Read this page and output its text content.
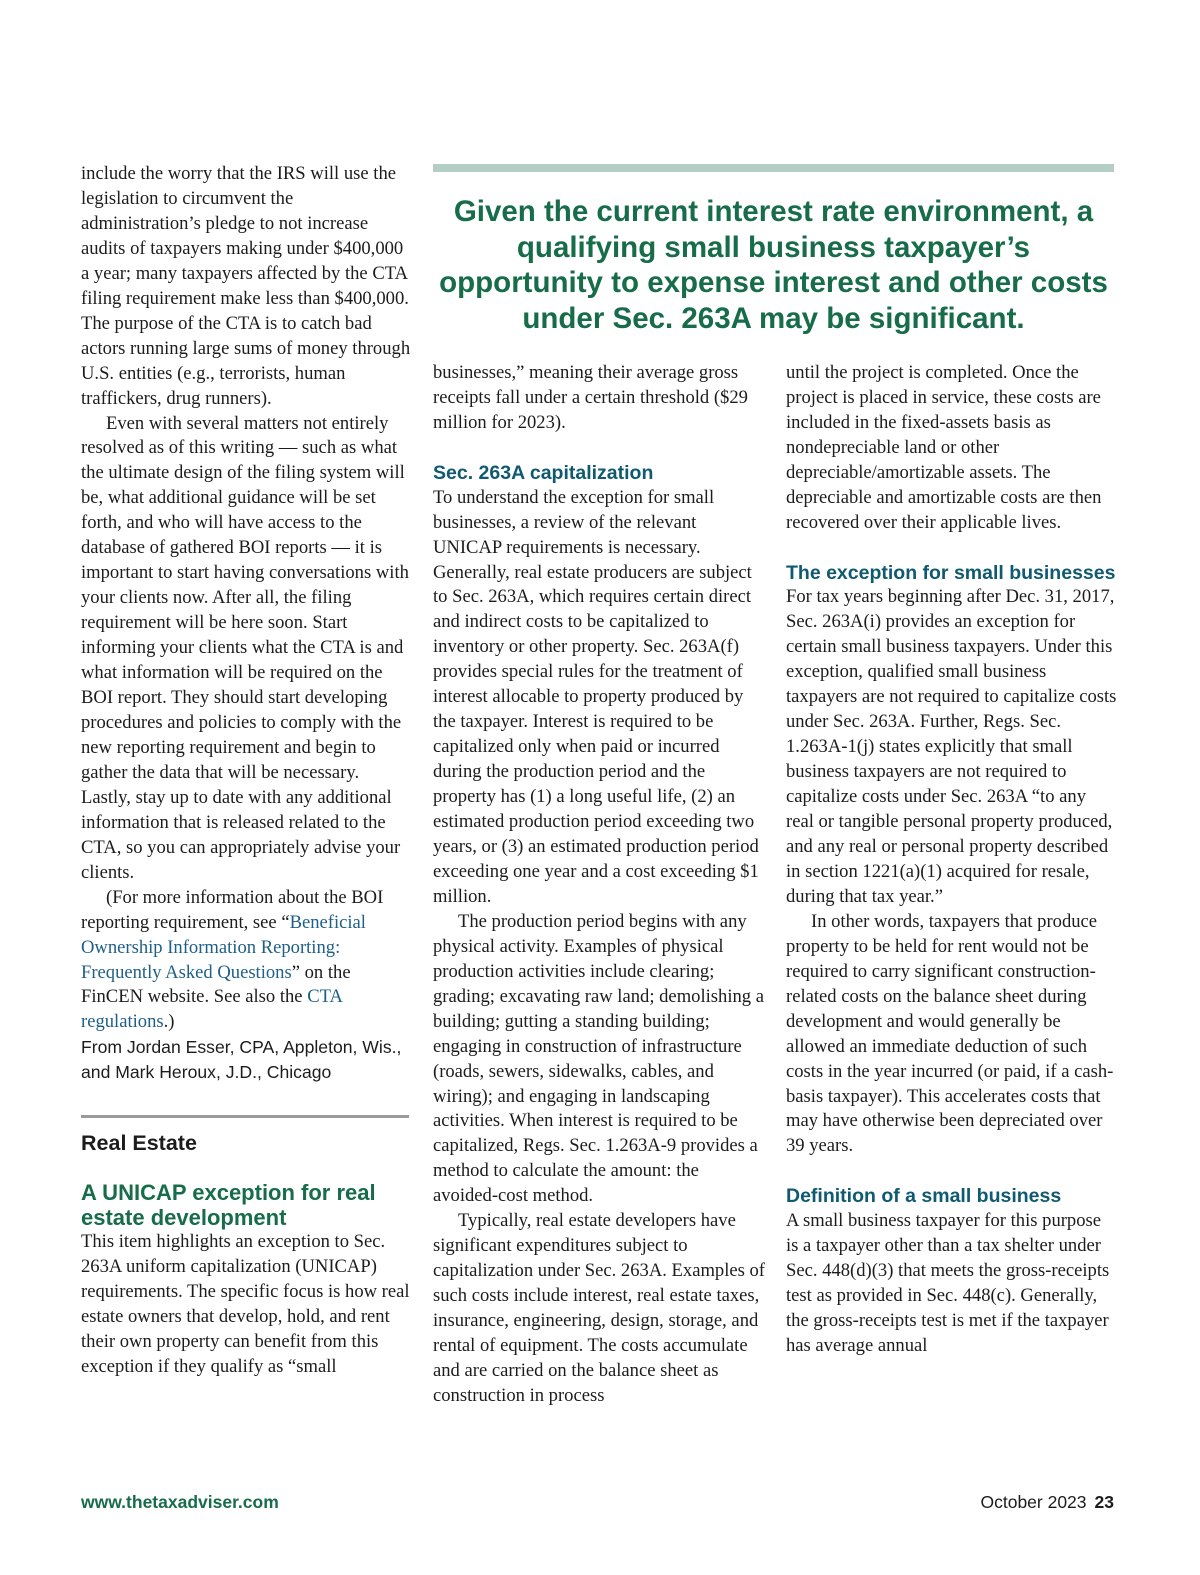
include the worry that the IRS will use the legislation to circumvent the administration’s pledge to not increase audits of taxpayers making under $400,000 a year; many taxpayers affected by the CTA filing requirement make less than $400,000. The purpose of the CTA is to catch bad actors running large sums of money through U.S. entities (e.g., terrorists, human traffickers, drug runners).

Even with several matters not entirely resolved as of this writing — such as what the ultimate design of the filing system will be, what additional guidance will be set forth, and who will have access to the database of gathered BOI reports — it is important to start having conversations with your clients now. After all, the filing requirement will be here soon. Start informing your clients what the CTA is and what information will be required on the BOI report. They should start developing procedures and policies to comply with the new reporting requirement and begin to gather the data that will be necessary. Lastly, stay up to date with any additional information that is released related to the CTA, so you can appropriately advise your clients.

(For more information about the BOI reporting requirement, see “Beneficial Ownership Information Reporting: Frequently Asked Questions” on the FinCEN website. See also the CTA regulations.)

From Jordan Esser, CPA, Appleton, Wis., and Mark Heroux, J.D., Chicago

Real Estate
A UNICAP exception for real estate development

This item highlights an exception to Sec. 263A uniform capitalization (UNICAP) requirements. The specific focus is how real estate owners that develop, hold, and rent their own property can benefit from this exception if they qualify as “small

Given the current interest rate environment, a qualifying small business taxpayer’s opportunity to expense interest and other costs under Sec. 263A may be significant.

businesses,” meaning their average gross receipts fall under a certain threshold ($29 million for 2023).

Sec. 263A capitalization

To understand the exception for small businesses, a review of the relevant UNICAP requirements is necessary. Generally, real estate producers are subject to Sec. 263A, which requires certain direct and indirect costs to be capitalized to inventory or other property. Sec. 263A(f) provides special rules for the treatment of interest allocable to property produced by the taxpayer. Interest is required to be capitalized only when paid or incurred during the production period and the property has (1) a long useful life, (2) an estimated production period exceeding two years, or (3) an estimated production period exceeding one year and a cost exceeding $1 million.

The production period begins with any physical activity. Examples of physical production activities include clearing; grading; excavating raw land; demolishing a building; gutting a standing building; engaging in construction of infrastructure (roads, sewers, sidewalks, cables, and wiring); and engaging in landscaping activities. When interest is required to be capitalized, Regs. Sec. 1.263A-9 provides a method to calculate the amount: the avoided-cost method.

Typically, real estate developers have significant expenditures subject to capitalization under Sec. 263A. Examples of such costs include interest, real estate taxes, insurance, engineering, design, storage, and rental of equipment. The costs accumulate and are carried on the balance sheet as construction in process

until the project is completed. Once the project is placed in service, these costs are included in the fixed-assets basis as nondepreciable land or other depreciable/amortizable assets. The depreciable and amortizable costs are then recovered over their applicable lives.

The exception for small businesses

For tax years beginning after Dec. 31, 2017, Sec. 263A(i) provides an exception for certain small business taxpayers. Under this exception, qualified small business taxpayers are not required to capitalize costs under Sec. 263A. Further, Regs. Sec. 1.263A-1(j) states explicitly that small business taxpayers are not required to capitalize costs under Sec. 263A “to any real or tangible personal property produced, and any real or personal property described in section 1221(a)(1) acquired for resale, during that tax year.”

In other words, taxpayers that produce property to be held for rent would not be required to carry significant construction-related costs on the balance sheet during development and would generally be allowed an immediate deduction of such costs in the year incurred (or paid, if a cash-basis taxpayer). This accelerates costs that may have otherwise been depreciated over 39 years.

Definition of a small business

A small business taxpayer for this purpose is a taxpayer other than a tax shelter under Sec. 448(d)(3) that meets the gross-receipts test as provided in Sec. 448(c). Generally, the gross-receipts test is met if the taxpayer has average annual

www.thetaxadviser.com	October 2023 23
